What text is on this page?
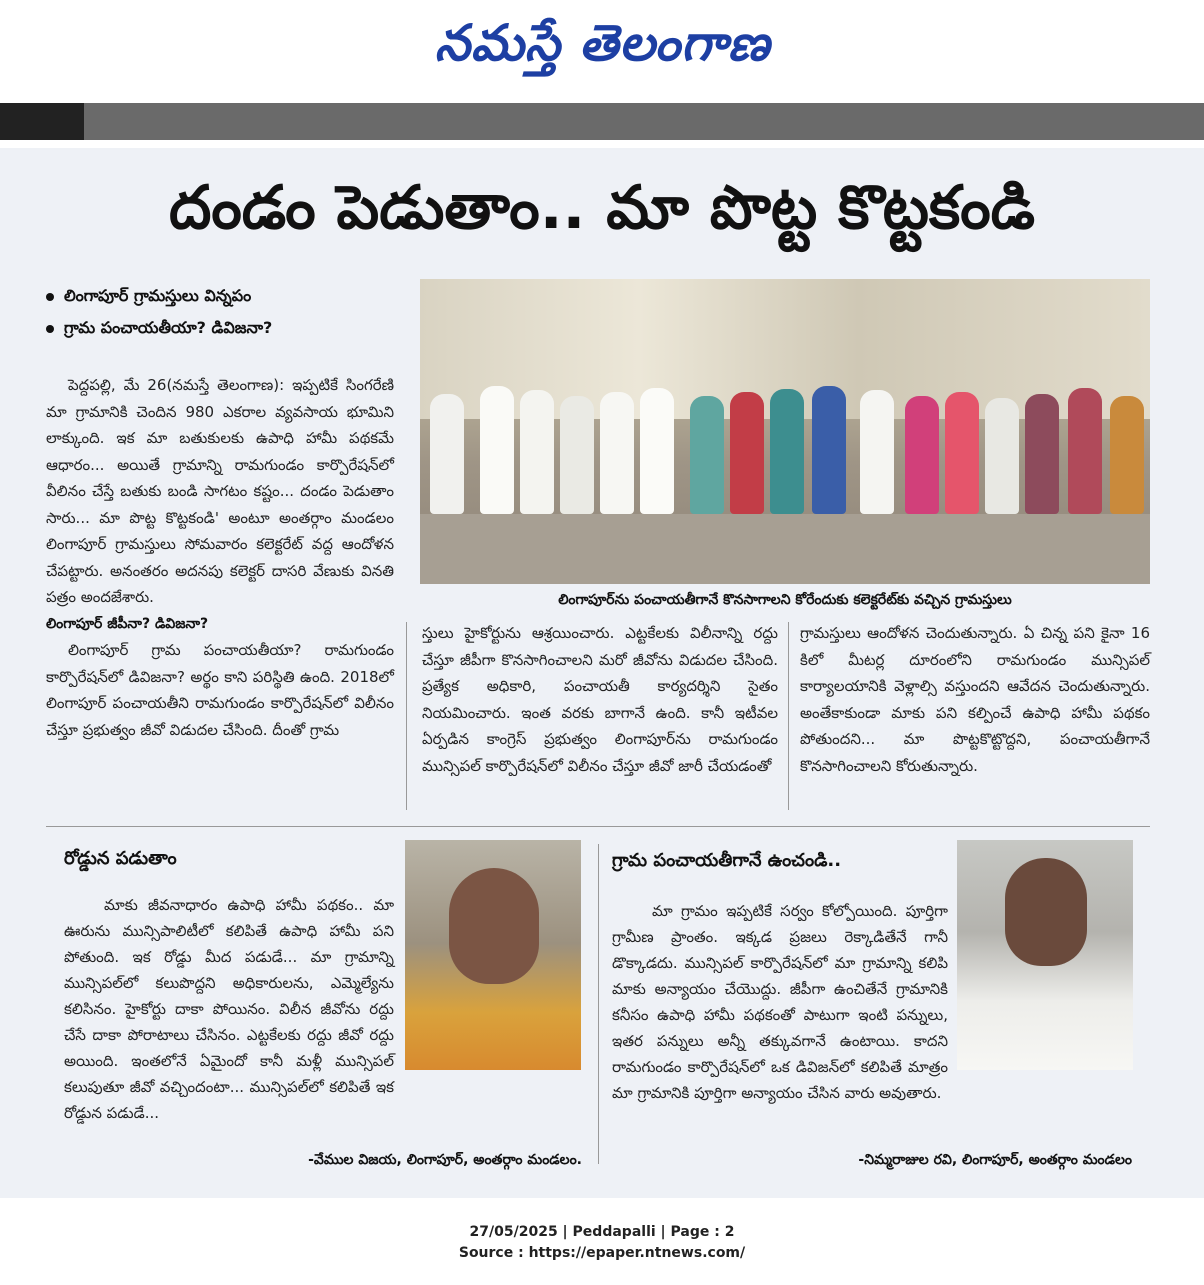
నమస్తే తెలంగాణ
దండం పెడుతాం.. మా పొట్ట కొట్టకండి
లింగాపూర్ గ్రామస్తులు విన్నపం
గ్రామ పంచాయతీయా? డివిజనా?
లింగాపూర్‌ను పంచాయతీగానే కొనసాగాలని కోరేందుకు కలెక్టరేట్‌కు వచ్చిన గ్రామస్తులు

పెద్దపల్లి, మే 26(నమస్తే తెలంగాణ): ఇప్పటికే సింగరేణి మా గ్రామానికి చెందిన 980 ఎకరాల వ్యవసాయ భూమిని లాక్కుంది. ఇక మా బతుకులకు ఉపాధి హామీ పథకమే ఆధారం... అయితే గ్రామాన్ని రామగుండం కార్పొరేషన్‌లో వీలినం చేస్తే బతుకు బండి సాగటం కష్టం... దండం పెడుతాం సారు... మా పొట్ట కొట్టకండి' అంటూ అంతర్గాం మండలం లింగాపూర్ గ్రామస్తులు సోమవారం కలెక్టరేట్ వద్ద ఆందోళన చేపట్టారు. అనంతరం అదనపు కలెక్టర్ దాసరి వేణుకు వినతి పత్రం అందజేశారు.

లింగాపూర్ జీపీనా? డివిజనా?

లింగాపూర్ గ్రామ పంచాయతీయా? రామగుండం కార్పొరేషన్‌లో డివిజనా? అర్థం కాని పరిస్థితి ఉంది. 2018లో లింగాపూర్ పంచాయతీని రామగుండం కార్పొరేషన్‌లో విలీనం చేస్తూ ప్రభుత్వం జీవో విడుదల చేసింది. దీంతో గ్రామ

స్తులు హైకోర్టును ఆశ్రయించారు. ఎట్టకేలకు విలీనాన్ని రద్దు చేస్తూ జీపీగా కొనసాగించాలని మరో జీవోను విడుదల చేసింది. ప్రత్యేక అధికారి, పంచాయతీ కార్యదర్శిని సైతం నియమించారు. ఇంత వరకు బాగానే ఉంది. కానీ ఇటీవల ఏర్పడిన కాంగ్రెస్ ప్రభుత్వం లింగాపూర్‌ను రామగుండం మున్సిపల్ కార్పొరేషన్‌లో విలీనం చేస్తూ జీవో జారీ చేయడంతో

గ్రామస్తులు ఆందోళన చెందుతున్నారు. ఏ చిన్న పని కైనా 16 కిలో మీటర్ల దూరంలోని రామగుండం మున్సిపల్ కార్యాలయానికి వెళ్లాల్సి వస్తుందని ఆవేదన చెందుతున్నారు. అంతేకాకుండా మాకు పని కల్పించే ఉపాధి హామీ పథకం పోతుందని... మా పొట్టకొట్టొద్దని, పంచాయతీగానే కొనసాగించాలని కోరుతున్నారు.

రోడ్డున పడుతాం

మాకు జీవనాధారం ఉపాధి హామీ పథకం.. మా ఊరును మున్సిపాలిటీలో కలిపితే ఉపాధి హామీ పని పోతుంది. ఇక రోడ్డు మీద పడుడే... మా గ్రామాన్ని మున్సిపల్‌లో కలుపొద్దని అధికారులను, ఎమ్మెల్యేను కలిసినం. హైకోర్టు దాకా పోయినం. విలీన జీవోను రద్దు చేసే దాకా పోరాటాలు చేసినం. ఎట్టకేలకు రద్దు జీవో రద్దు అయింది. ఇంతలోనే ఏమైందో కానీ మళ్లీ మున్సిపల్ కలుపుతూ జీవో వచ్చిందంటా... మున్సిపల్‌లో కలిపితే ఇక రోడ్డున పడుడే...

-వేముల విజయ, లింగాపూర్, అంతర్గాం మండలం.
గ్రామ పంచాయతీగానే ఉంచండి..

మా గ్రామం ఇప్పటికే సర్వం కోల్పోయింది. పూర్తిగా గ్రామీణ ప్రాంతం. ఇక్కడ ప్రజలు రెక్కాడితేనే గానీ డొక్కాడదు. మున్సిపల్ కార్పొరేషన్‌లో మా గ్రామాన్ని కలిపి మాకు అన్యాయం చేయొద్దు. జీపీగా ఉంచితేనే గ్రామానికి కనీసం ఉపాధి హామీ పథకంతో పాటుగా ఇంటి పన్నులు, ఇతర పన్నులు అన్నీ తక్కువగానే ఉంటాయి. కాదని రామగుండం కార్పొరేషన్‌లో ఒక డివిజన్‌లో కలిపితే మాత్రం మా గ్రామానికి పూర్తిగా అన్యాయం చేసిన వారు అవుతారు.

-నిమ్మరాజుల రవి, లింగాపూర్, అంతర్గాం మండలం
27/05/2025 | Peddapalli | Page : 2
Source : https://epaper.ntnews.com/
